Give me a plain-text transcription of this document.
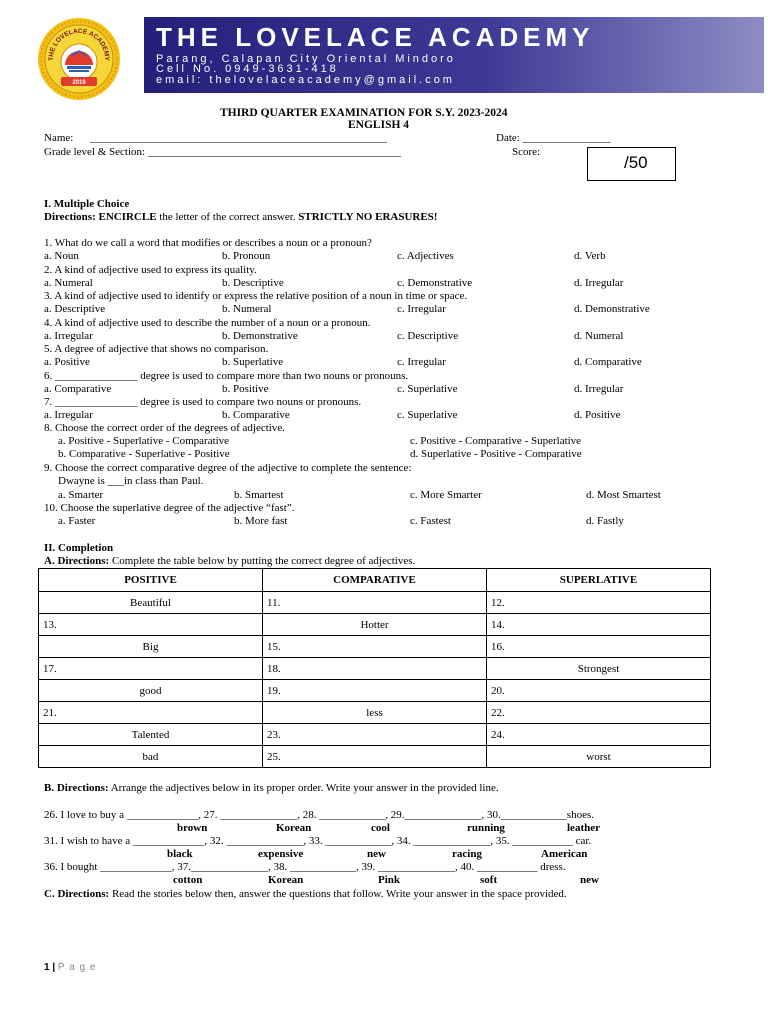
THE LOVELACE ACADEMY
Parang, Calapan City Oriental Mindoro
Cell No. 0949-3631-418
email: thelovelaceacademy@gmail.com
THE LOVELACE ACADEMY
2019
THIRD QUARTER EXAMINATION FOR S.Y. 2023-2024
ENGLISH 4
Name: ______________________________________________________	Date: ________________
Grade level & Section: ______________________________________________	Score:
/50
I. Multiple Choice
Directions: ENCIRCLE the letter of the correct answer. STRICTLY NO ERASURES!
1. What do we call a word that modifies or describes a noun or a pronoun?
a. Noun	b. Pronoun	c. Adjectives	d. Verb
2. A kind of adjective used to express its quality.
a. Numeral	b. Descriptive	c. Demonstrative	d. Irregular
3. A kind of adjective used to identify or express the relative position of a noun in time or space.
a. Descriptive	b. Numeral	c. Irregular	d. Demonstrative
4. A kind of adjective used to describe the number of a noun or a pronoun.
a. Irregular	b. Demonstrative	c. Descriptive	d. Numeral
5. A degree of adjective that shows no comparison.
a. Positive	b. Superlative	c. Irregular	d. Comparative
6. _______________ degree is used to compare more than two nouns or pronouns.
a. Comparative	b. Positive	c. Superlative	d. Irregular
7. _______________ degree is used to compare two nouns or pronouns.
a. Irregular	b. Comparative	c. Superlative	d. Positive
8. Choose the correct order of the degrees of adjective.
a. Positive - Superlative - Comparative	c. Positive - Comparative - Superlative
b. Comparative - Superlative - Positive	d. Superlative - Positive - Comparative
9. Choose the correct comparative degree of the adjective to complete the sentence:
Dwayne is ___in class than Paul.
a. Smarter	b. Smartest	c. More Smarter	d. Most Smartest
10. Choose the superlative degree of the adjective “fast”.
a. Faster	b. More fast	c. Fastest	d. Fastly
II. Completion
A. Directions: Complete the table below by putting the correct degree of adjectives.
POSITIVE	COMPARATIVE	SUPERLATIVE
Beautiful	11.	12.
13.	Hotter	14.
Big	15.	16.
17.	18.	Strongest
good	19.	20.
21.	less	22.
Talented	23.	24.
bad	25.	worst
B. Directions: Arrange the adjectives below in its proper order. Write your answer in the provided line.
26. I love to buy a _____________, 27. ______________, 28. ____________, 29.______________, 30.____________shoes.
brown	Korean	cool	running	leather
31. I wish to have a _____________, 32. ______________, 33. ____________, 34. ______________, 35. ___________ car.
black	expensive	new	racing	American
36. I bought _____________, 37.______________, 38. ____________, 39. ______________, 40. ___________ dress.
cotton	Korean	Pink	soft	new
C. Directions: Read the stories below then, answer the questions that follow. Write your answer in the space provided.
1 | P a g e
